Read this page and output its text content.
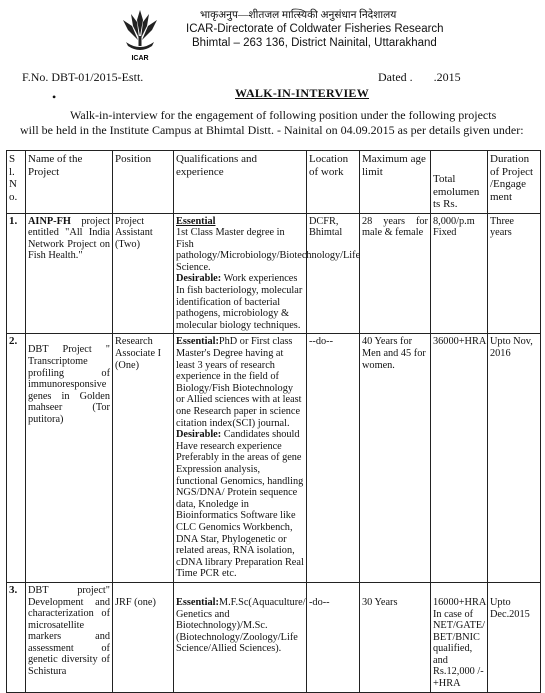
ICAR
भाकृअनुप—शीतजल मात्स्यिकी अनुसंधान निदेशालय
ICAR-Directorate of Coldwater Fisheries Research
Bhimtal – 263 136, District Nainital, Uttarakhand
F.No. DBT-01/2015-Estt.	Dated .       .2015
•	WALK-IN-INTERVIEW
Walk-in-interview for the engagement of following position under the following projects
will be held in the Institute Campus at Bhimtal Distt. - Nainital on 04.09.2015 as per details given under:
S l. N o.	Name of the Project	Position	Qualifications and experience	Location of work	Maximum age limit	Total emolumen ts Rs.	Duration of Project /Engage ment
1.	AINP-FH project entitled "All India Network Project on Fish Health."	Project Assistant (Two)	Essential
1st Class Master degree in Fish pathology/Microbiology/Biotechnology/Life Science.
Desirable: Work experiences In fish bacteriology, molecular identification of bacterial pathogens, microbiology & molecular biology techniques.	DCFR, Bhimtal	28 years for male & female	8,000/p.m Fixed	Three years
2.	DBT Project " Transcriptome profiling of immunoresponsive genes in Golden mahseer (Tor putitora)	Research Associate I (One)	Essential:PhD or First class Master's Degree having at least 3 years of research experience in the field of Biology/Fish Biotechnology or Allied sciences with at least one Research paper in science citation index(SCI) journal.
Desirable: Candidates should Have research experience Preferably in the areas of gene Expression analysis, functional Genomics, handling NGS/DNA/ Protein sequence data, Knoledge in Bioinformatics Software like CLC Genomics Workbench, DNA Star, Phylogenetic or related areas, RNA isolation, cDNA library Preparation Real Time PCR etc.	--do--	40 Years for Men and 45 for women.	36000+HRA	Upto Nov, 2016
3.	DBT project" Development and characterization of microsatellite markers and assessment of genetic diversity of Schistura	JRF (one)	Essential:M.F.Sc(Aquaculture/ Genetics and Biotechnology)/M.Sc.(Biotechnology/Zoology/Life Science/Allied Sciences).	-do--	30 Years	16000+HRA In case of NET/GATE/ BET/BNIC qualified, and Rs.12,000 /-+HRA	Upto Dec.2015
